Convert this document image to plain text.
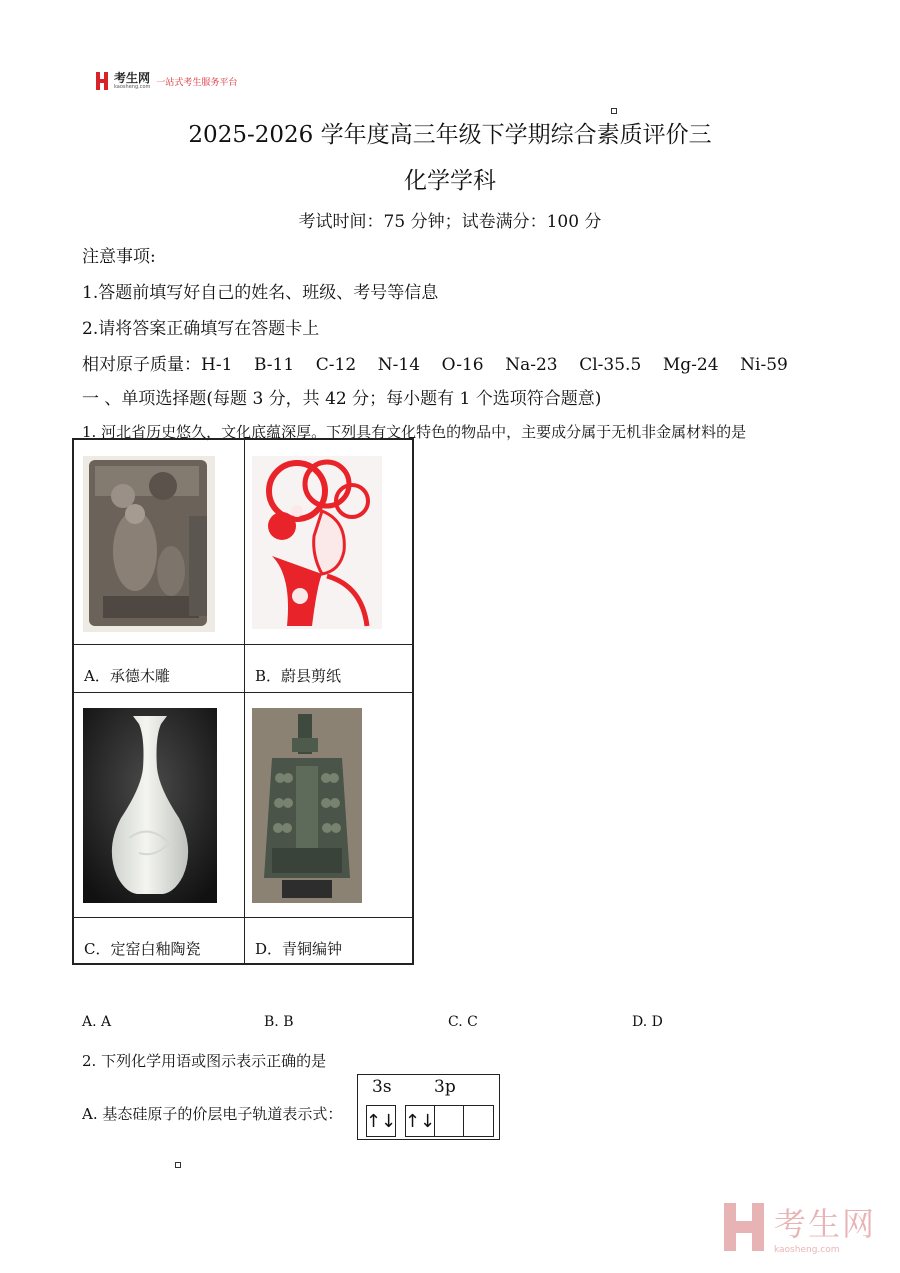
考生网
kaosheng.com 一站式考生服务平台
2025-2026 学年度高三年级下学期综合素质评价三
化学学科
考试时间：75 分钟；试卷满分：100 分
注意事项:
1.答题前填写好自己的姓名、班级、考号等信息
2.请将答案正确填写在答题卡上
相对原子质量：H-1    B-11    C-12    N-14    O-16    Na-23    Cl-35.5    Mg-24    Ni-59
一 、单项选择题(每题 3 分，共 42 分；每小题有 1 个选项符合题意)
1. 河北省历史悠久，文化底蕴深厚。下列具有文化特色的物品中，主要成分属于无机非金属材料的是
A．承德木雕	B．蔚县剪纸
C．定窑白釉陶瓷	D．青铜编钟
A. A	B. B	C. C	D. D
2. 下列化学用语或图示表示正确的是
A. 基态硅原子的价层电子轨道表示式：
3s 3p
↑↓ ↑↓
考生网
kaosheng.com
